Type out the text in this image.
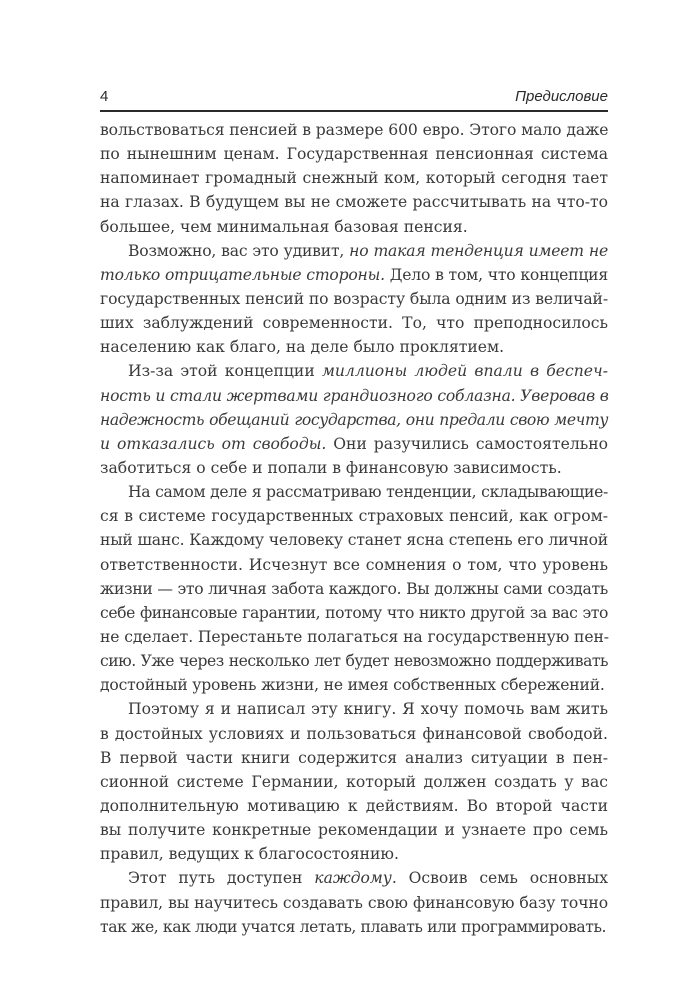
4	Предисловие
вольствоваться пенсией в размере 600 евро. Этого мало даже
по нынешним ценам. Государственная пенсионная система
напоминает громадный снежный ком, который сегодня тает
на глазах. В будущем вы не сможете рассчитывать на что-то
большее, чем минимальная базовая пенсия.
Возможно, вас это удивит, но такая тенденция имеет не
только отрицательные стороны. Дело в том, что концепция
государственных пенсий по возрасту была одним из величай-
ших заблуждений современности. То, что преподносилось
населению как благо, на деле было проклятием.
Из-за этой концепции миллионы людей впали в беспеч-
ность и стали жертвами грандиозного соблазна. Уверовав в
надежность обещаний государства, они предали свою мечту
и отказались от свободы. Они разучились самостоятельно
заботиться о себе и попали в финансовую зависимость.
На самом деле я рассматриваю тенденции, складывающие-
ся в системе государственных страховых пенсий, как огром-
ный шанс. Каждому человеку станет ясна степень его личной
ответственности. Исчезнут все сомнения о том, что уровень
жизни — это личная забота каждого. Вы должны сами создать
себе финансовые гарантии, потому что никто другой за вас это
не сделает. Перестаньте полагаться на государственную пен-
сию. Уже через несколько лет будет невозможно поддерживать
достойный уровень жизни, не имея собственных сбережений.
Поэтому я и написал эту книгу. Я хочу помочь вам жить
в достойных условиях и пользоваться финансовой свободой.
В первой части книги содержится анализ ситуации в пен-
сионной системе Германии, который должен создать у вас
дополнительную мотивацию к действиям. Во второй части
вы получите конкретные рекомендации и узнаете про семь
правил, ведущих к благосостоянию.
Этот путь доступен каждому. Освоив семь основных
правил, вы научитесь создавать свою финансовую базу точно
так же, как люди учатся летать, плавать или программировать.
